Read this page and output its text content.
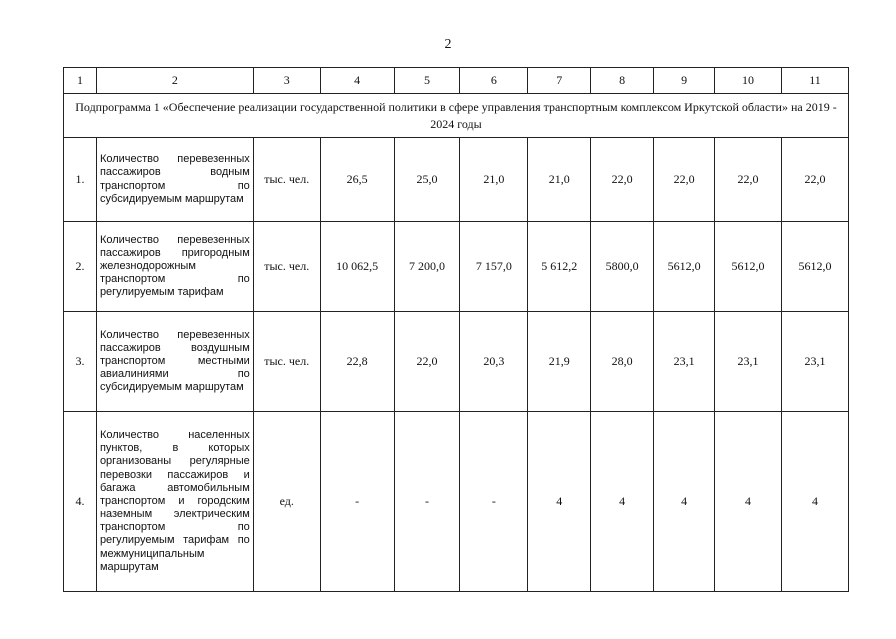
2
1	2	3	4	5	6	7	8	9	10	11
Подпрограмма 1 «Обеспечение реализации государственной политики в сфере управления транспортным комплексом Иркутской области» на 2019 - 2024 годы										
1.	Количество перевезенных пассажиров водным транспортом по субсидируемым маршрутам	тыс. чел.	26,5	25,0	21,0	21,0	22,0	22,0	22,0	22,0
2.	Количество перевезенных пассажиров пригородным железнодорожным транспортом по регулируемым тарифам	тыс. чел.	10 062,5	7 200,0	7 157,0	5 612,2	5800,0	5612,0	5612,0	5612,0
3.	Количество перевезенных пассажиров воздушным транспортом местными авиалиниями по субсидируемым маршрутам	тыс. чел.	22,8	22,0	20,3	21,9	28,0	23,1	23,1	23,1
4.	Количество населенных пунктов, в которых организованы регулярные перевозки пассажиров и багажа автомобильным транспортом и городским наземным электрическим транспортом по регулируемым тарифам по межмуниципальным маршрутам	ед.	-	-	-	4	4	4	4	4
